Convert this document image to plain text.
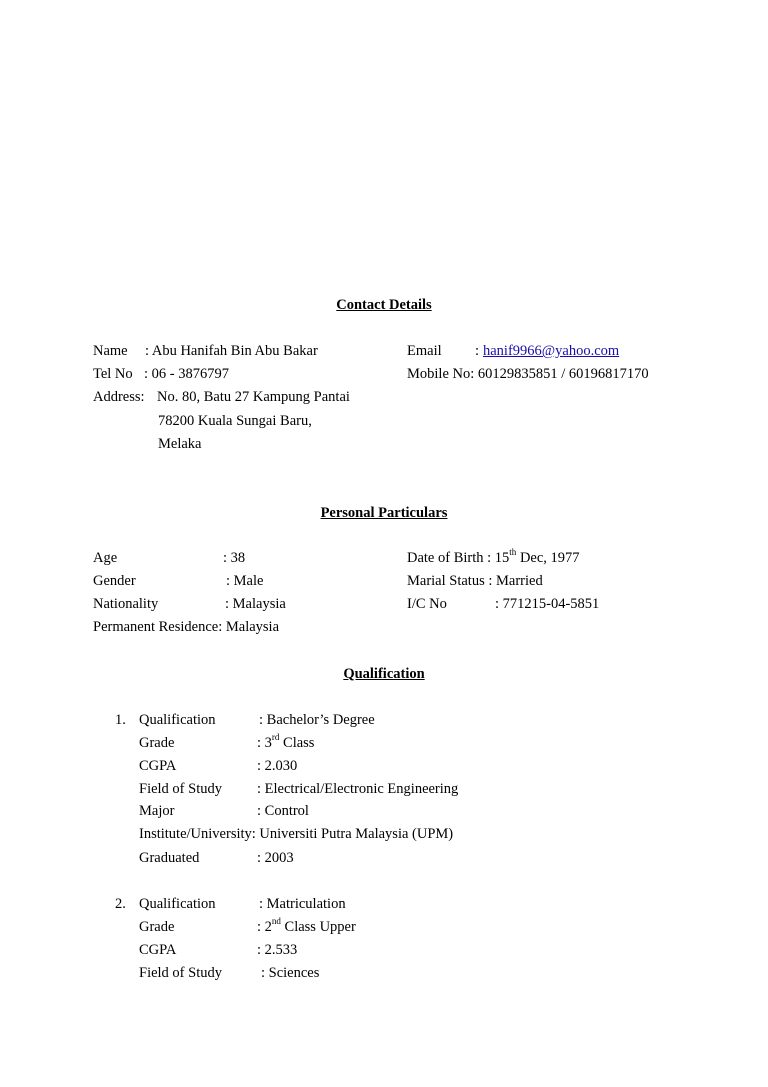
Contact Details
Name : Abu Hanifah Bin Abu Bakar	Email : hanif9966@yahoo.com
Tel No : 06 - 3876797	Mobile No: 60129835851 / 60196817170
Address: No. 80, Batu 27 Kampung Pantai
78200 Kuala Sungai Baru,
Melaka
Personal Particulars
Age	: 38	Date of Birth : 15th Dec, 1977
Gender	: Male	Marial Status : Married
Nationality	: Malaysia	I/C No	: 771215-04-5851
Permanent Residence: Malaysia
Qualification
1. Qualification	: Bachelor’s Degree
Grade	: 3rd Class
CGPA	: 2.030
Field of Study : Electrical/Electronic Engineering
Major	: Control
Institute/University: Universiti Putra Malaysia (UPM)
Graduated	: 2003
2. Qualification	: Matriculation
Grade	: 2nd Class Upper
CGPA	: 2.533
Field of Study	: Sciences
